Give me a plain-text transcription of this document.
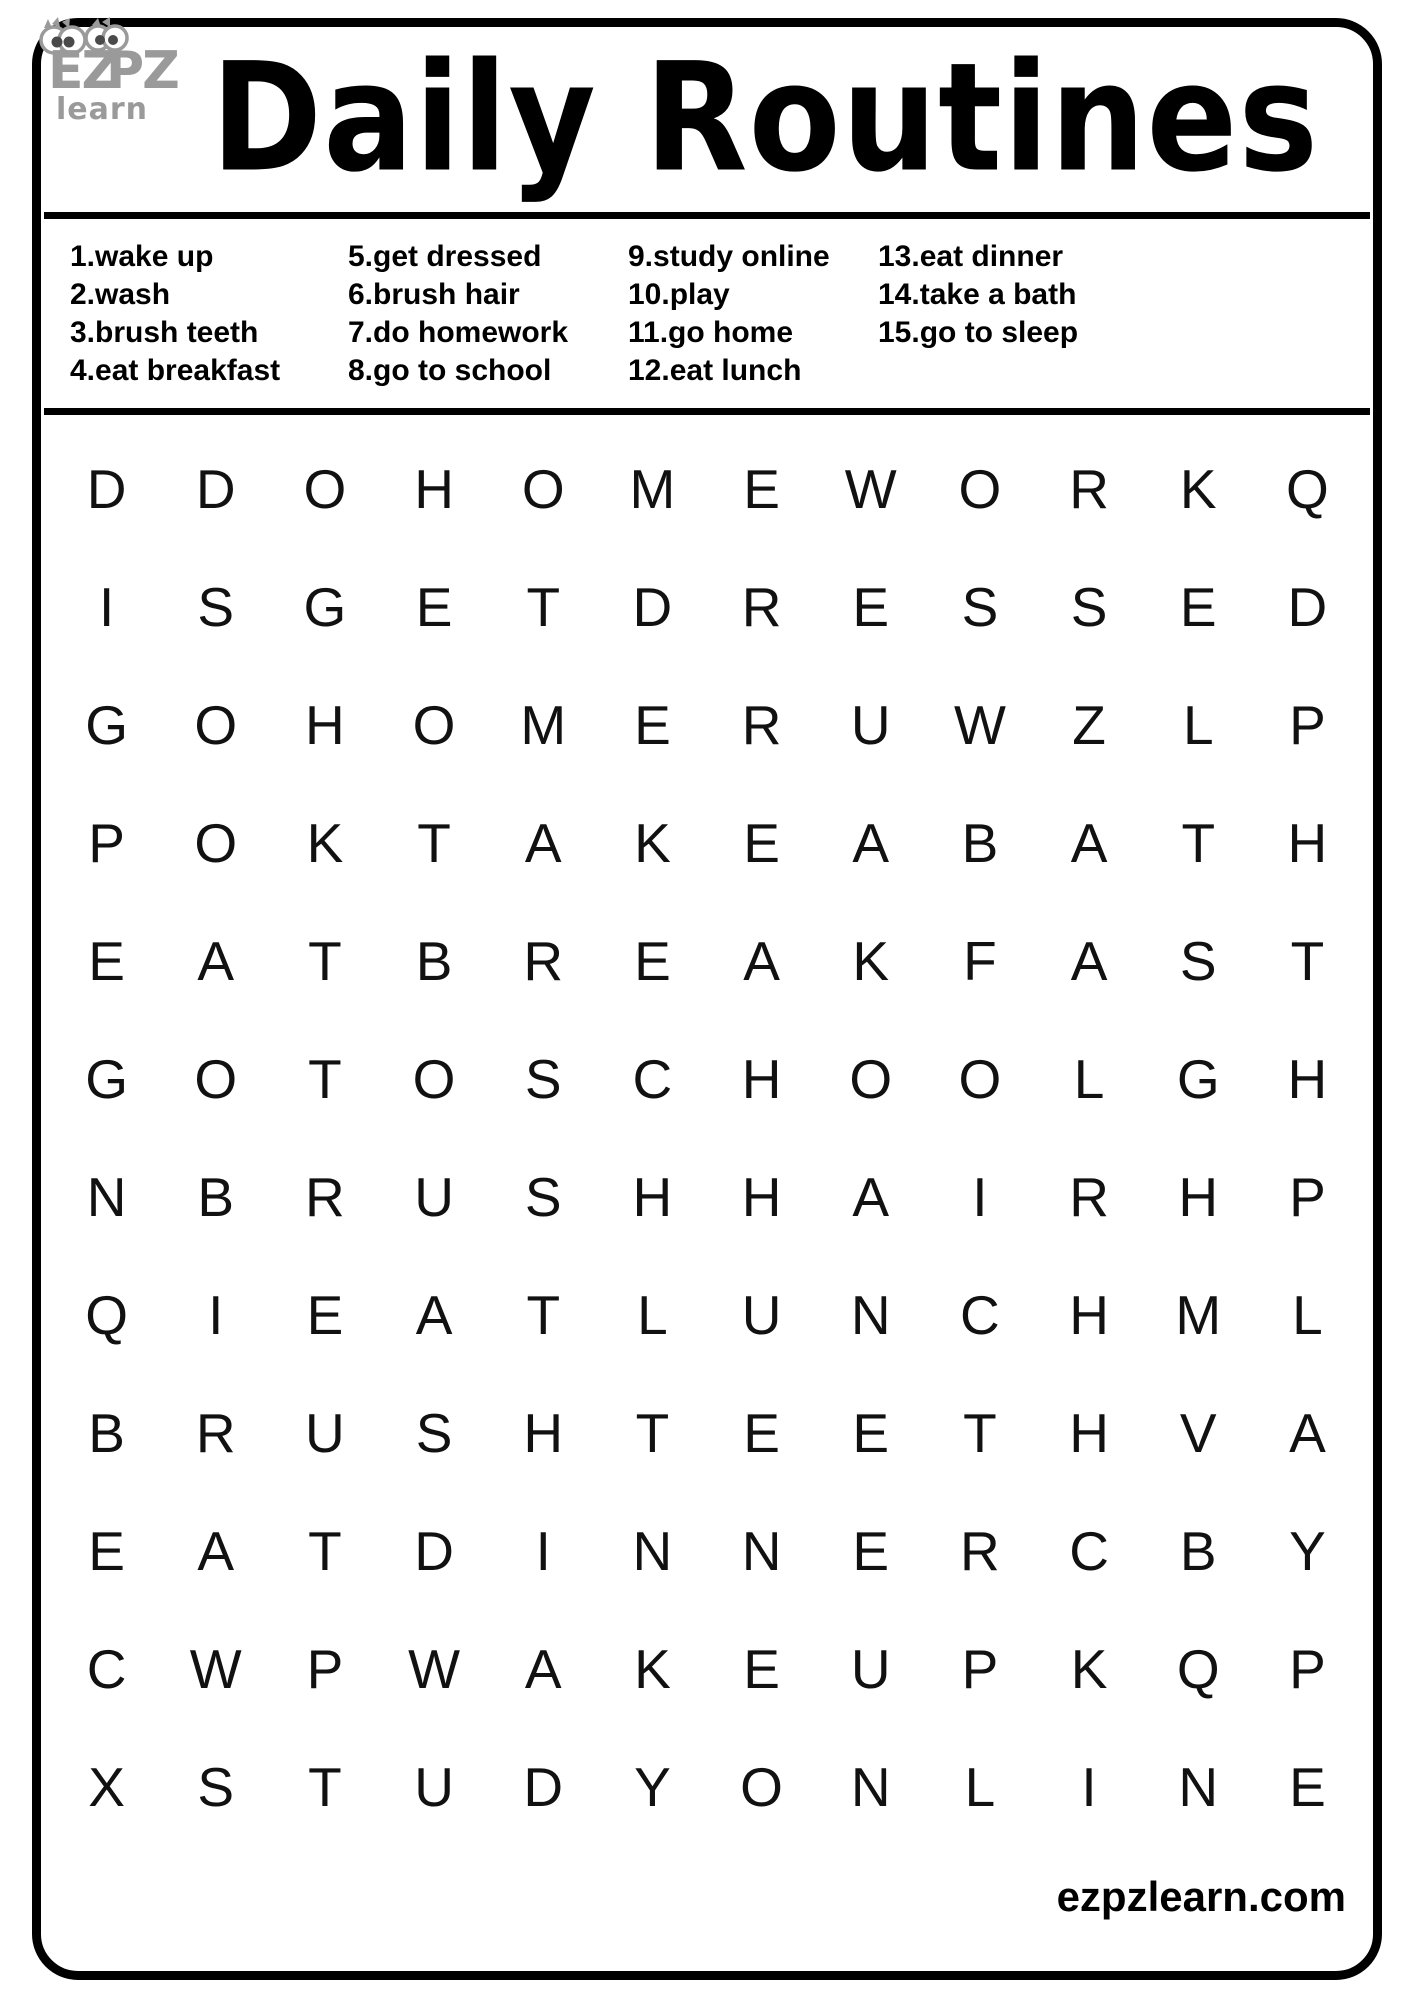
EZ
PZ
learn Daily Routines
1.wake up
2.wash
3.brush teeth
4.eat breakfast
5.get dressed
6.brush hair
7.do homework
8.go to school
9.study online
10.play
11.go home
12.eat lunch
13.eat dinner
14.take a bath
15.go to sleep
D	D	O	H	O	M	E	W	O	R	K	Q
I	S	G	E	T	D	R	E	S	S	E	D
G	O	H	O	M	E	R	U	W	Z	L	P
P	O	K	T	A	K	E	A	B	A	T	H
E	A	T	B	R	E	A	K	F	A	S	T
G	O	T	O	S	C	H	O	O	L	G	H
N	B	R	U	S	H	H	A	I	R	H	P
Q	I	E	A	T	L	U	N	C	H	M	L
B	R	U	S	H	T	E	E	T	H	V	A
E	A	T	D	I	N	N	E	R	C	B	Y
C	W	P	W	A	K	E	U	P	K	Q	P
X	S	T	U	D	Y	O	N	L	I	N	E
ezpzlearn.com
